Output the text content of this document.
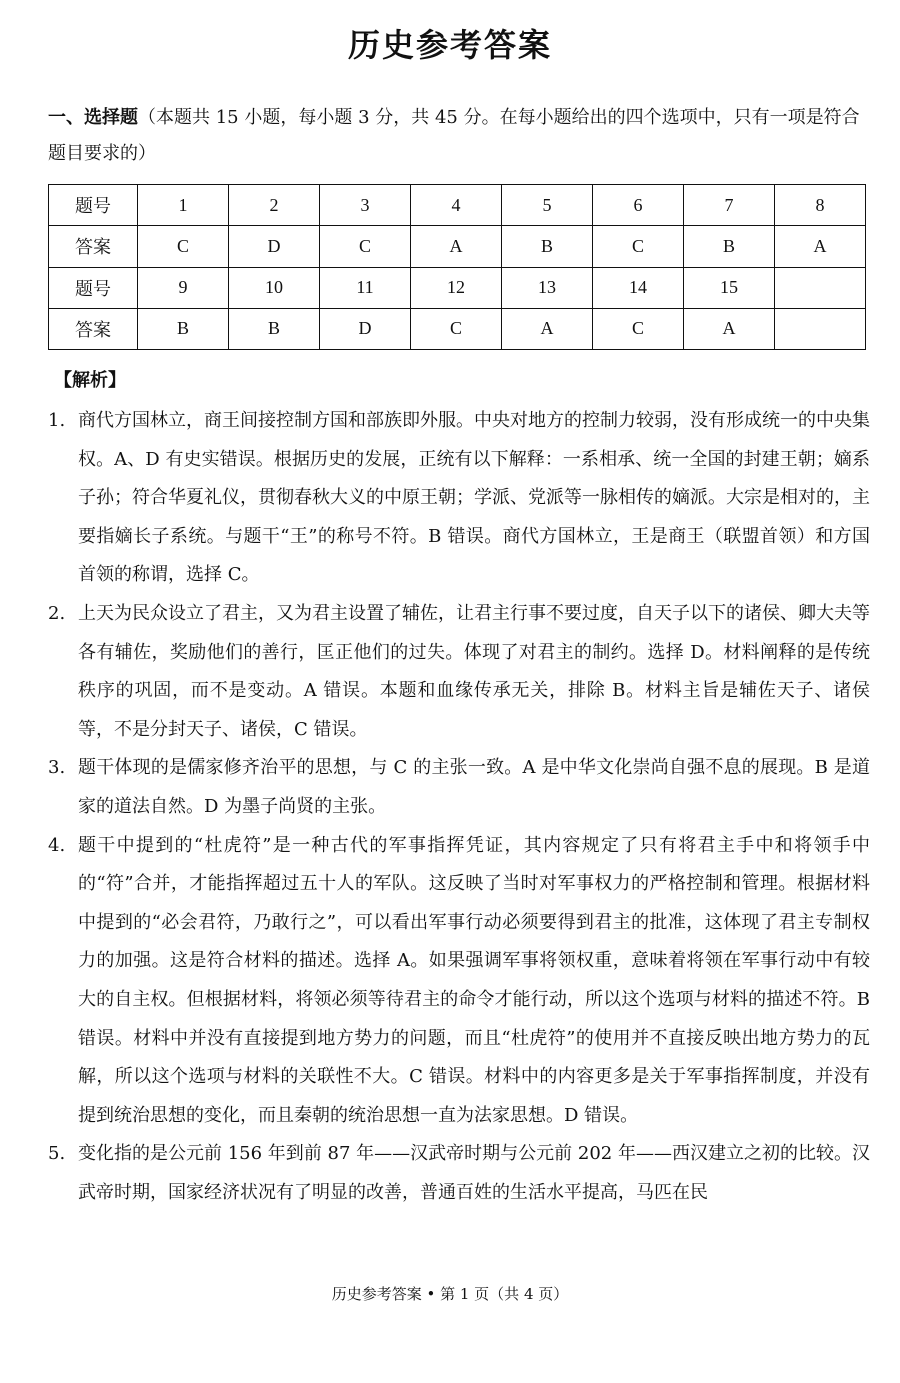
历史参考答案
一、选择题（本题共 15 小题，每小题 3 分，共 45 分。在每小题给出的四个选项中，只有一项是符合题目要求的）
题号	1	2	3	4	5	6	7	8
答案	C	D	C	A	B	C	B	A
题号	9	10	11	12	13	14	15	
答案	B	B	D	C	A	C	A	
【解析】
1. 商代方国林立，商王间接控制方国和部族即外服。中央对地方的控制力较弱，没有形成统一的中央集权。A、D 有史实错误。根据历史的发展，正统有以下解释：一系相承、统一全国的封建王朝；嫡系子孙；符合华夏礼仪，贯彻春秋大义的中原王朝；学派、党派等一脉相传的嫡派。大宗是相对的，主要指嫡长子系统。与题干“王”的称号不符。B 错误。商代方国林立，王是商王（联盟首领）和方国首领的称谓，选择 C。
2. 上天为民众设立了君主，又为君主设置了辅佐，让君主行事不要过度，自天子以下的诸侯、卿大夫等各有辅佐，奖励他们的善行，匡正他们的过失。体现了对君主的制约。选择 D。材料阐释的是传统秩序的巩固，而不是变动。A 错误。本题和血缘传承无关，排除 B。材料主旨是辅佐天子、诸侯等，不是分封天子、诸侯，C 错误。
3. 题干体现的是儒家修齐治平的思想，与 C 的主张一致。A 是中华文化崇尚自强不息的展现。B 是道家的道法自然。D 为墨子尚贤的主张。
4. 题干中提到的“杜虎符”是一种古代的军事指挥凭证，其内容规定了只有将君主手中和将领手中的“符”合并，才能指挥超过五十人的军队。这反映了当时对军事权力的严格控制和管理。根据材料中提到的“必会君符，乃敢行之”，可以看出军事行动必须要得到君主的批准，这体现了君主专制权力的加强。这是符合材料的描述。选择 A。如果强调军事将领权重，意味着将领在军事行动中有较大的自主权。但根据材料，将领必须等待君主的命令才能行动，所以这个选项与材料的描述不符。B 错误。材料中并没有直接提到地方势力的问题，而且“杜虎符”的使用并不直接反映出地方势力的瓦解，所以这个选项与材料的关联性不大。C 错误。材料中的内容更多是关于军事指挥制度，并没有提到统治思想的变化，而且秦朝的统治思想一直为法家思想。D 错误。
5. 变化指的是公元前 156 年到前 87 年——汉武帝时期与公元前 202 年——西汉建立之初的比较。汉武帝时期，国家经济状况有了明显的改善，普通百姓的生活水平提高，马匹在民
历史参考答案 • 第 1 页（共 4 页）
